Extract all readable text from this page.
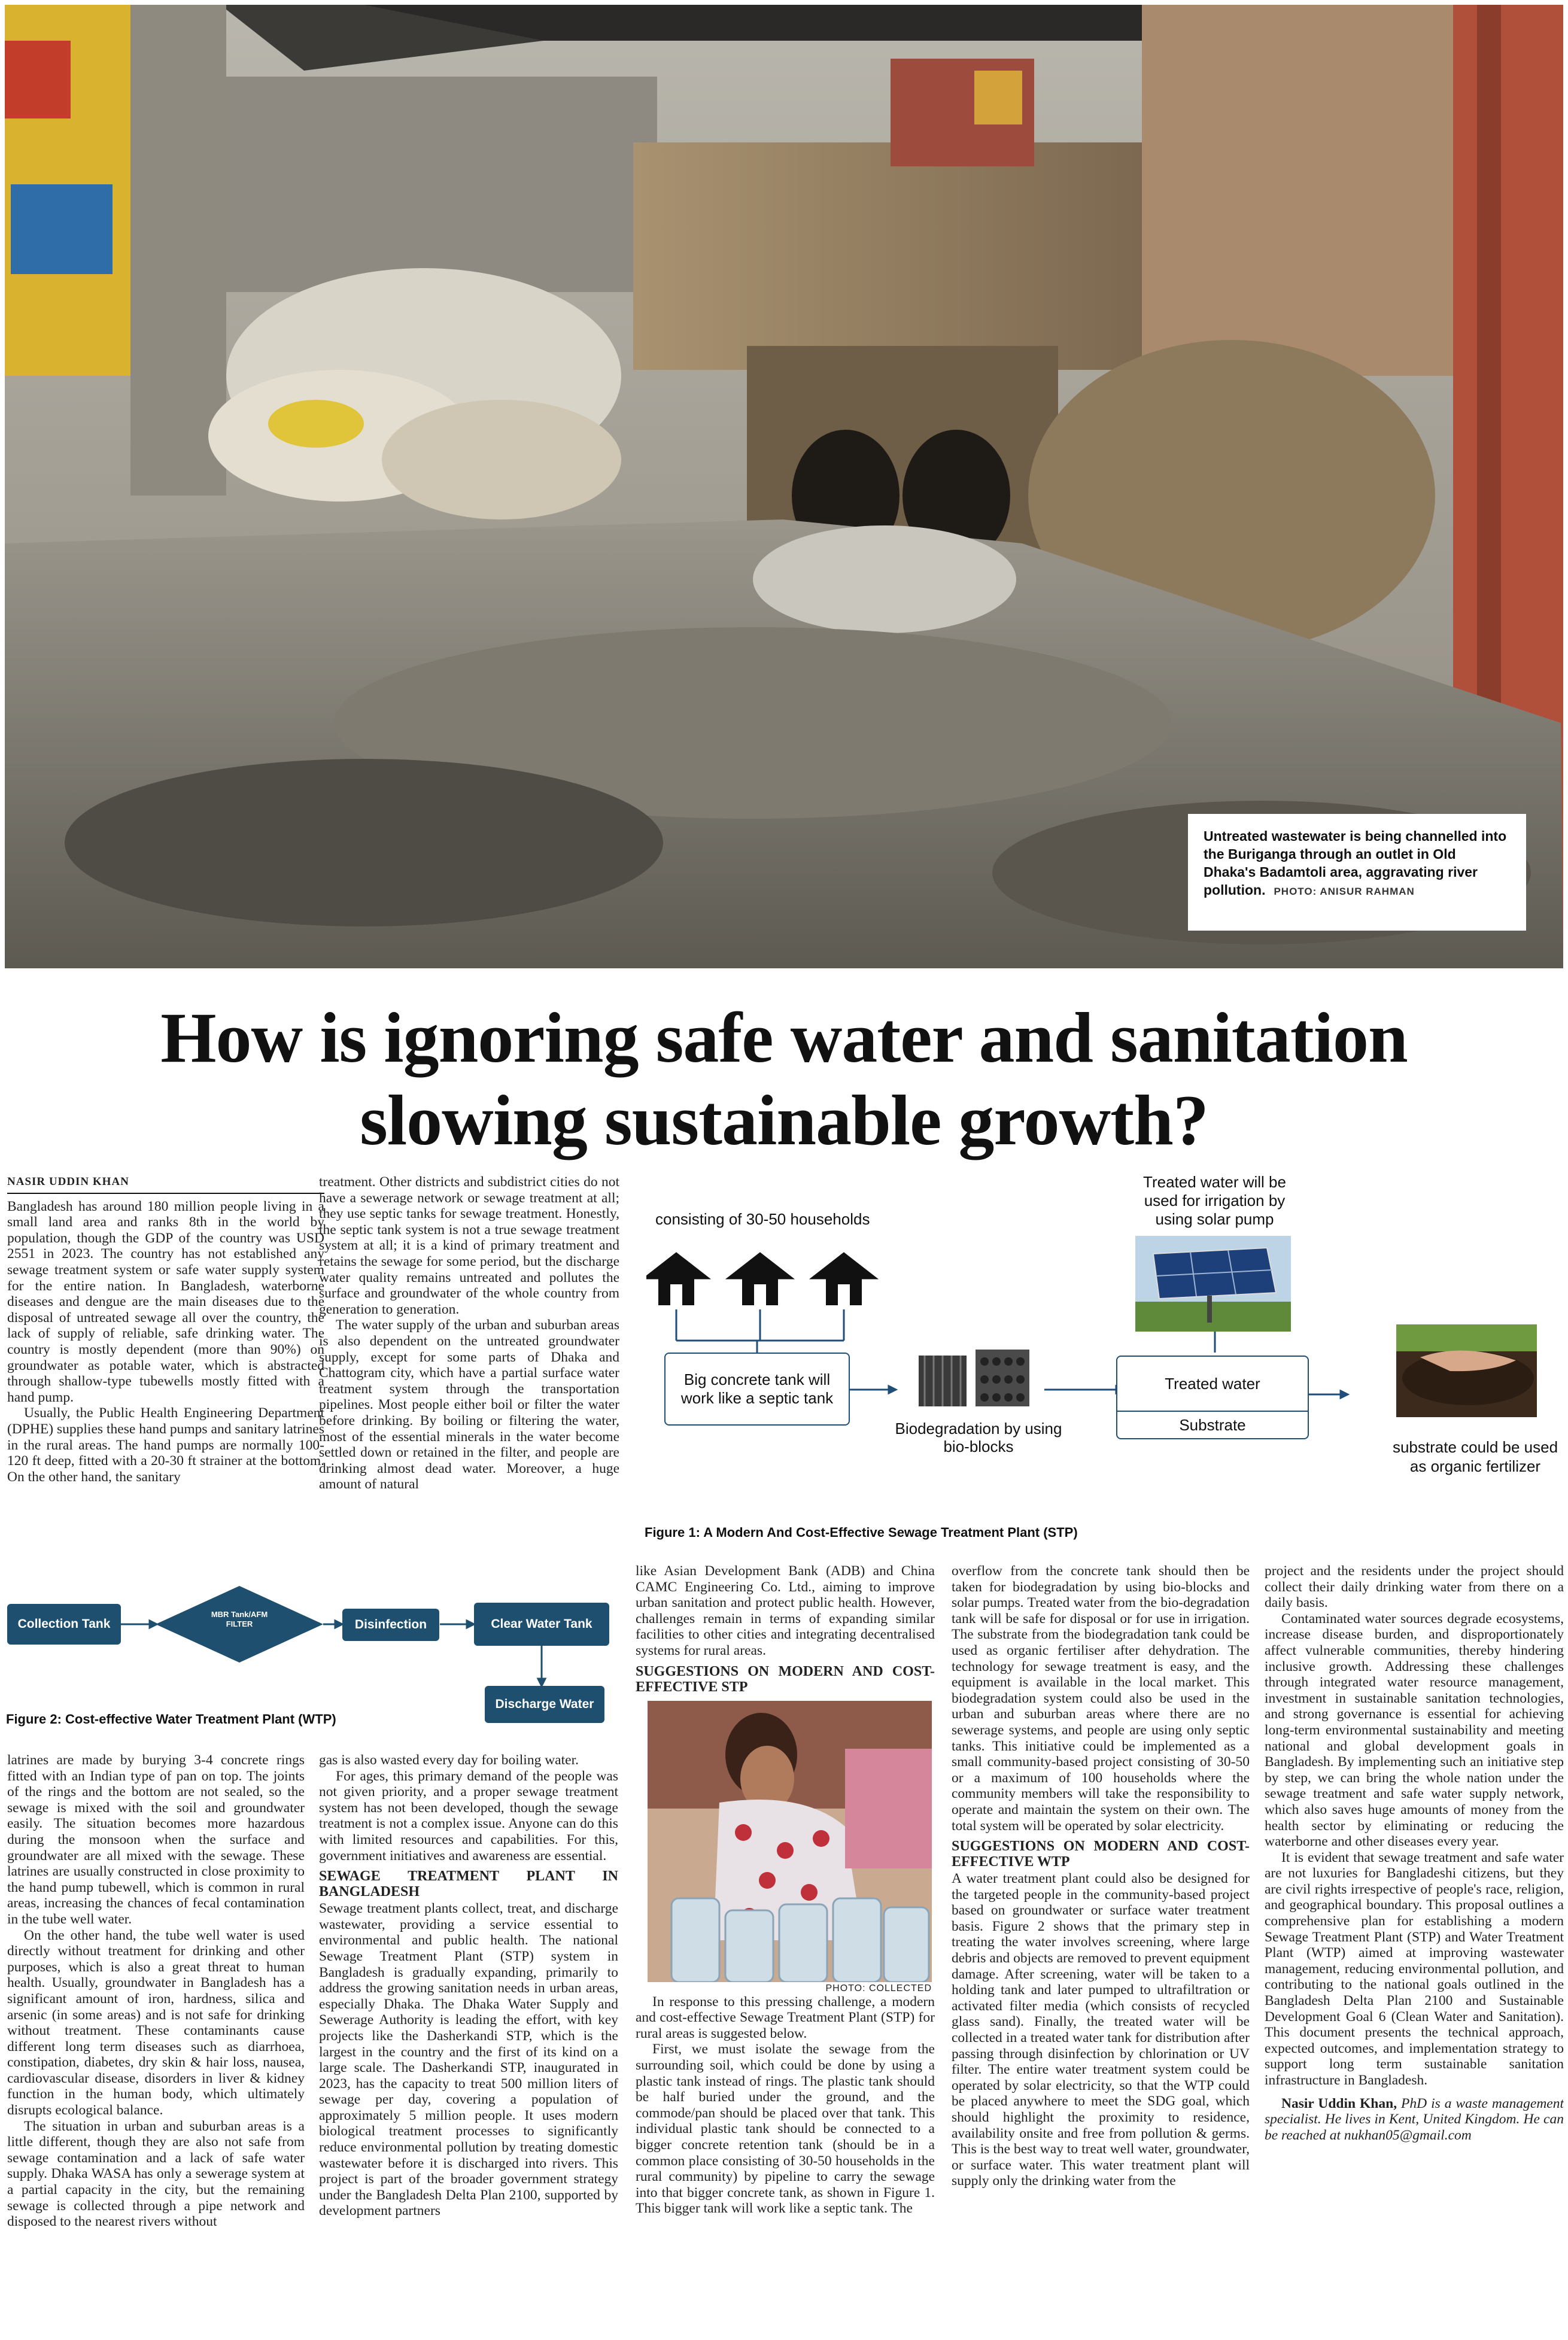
Untreated wastewater is being channelled into the Buriganga through an outlet in Old Dhaka's Badamtoli area, aggravating river pollution. PHOTO: ANISUR RAHMAN
How is ignoring safe water and sanitation
slowing sustainable growth?
NASIR UDDIN KHAN

Bangladesh has around 180 million people living in a small land area and ranks 8th in the world by population, though the GDP of the country was USD 2551 in 2023. The country has not established any sewage treatment system or safe water supply system for the entire nation. In Bangladesh, waterborne diseases and dengue are the main diseases due to the disposal of untreated sewage all over the country, the lack of supply of reliable, safe drinking water. The country is mostly dependent (more than 90%) on groundwater as potable water, which is abstracted through shallow-type tubewells mostly fitted with a hand pump.

Usually, the Public Health Engineering Department (DPHE) supplies these hand pumps and sanitary latrines in the rural areas. The hand pumps are normally 100-120 ft deep, fitted with a 20-30 ft strainer at the bottom. On the other hand, the sanitary

treatment. Other districts and subdistrict cities do not have a sewerage network or sewage treatment at all; they use septic tanks for sewage treatment. Honestly, the septic tank system is not a true sewage treatment system at all; it is a kind of primary treatment and retains the sewage for some period, but the discharge water quality remains untreated and pollutes the surface and groundwater of the whole country from generation to generation.

The water supply of the urban and suburban areas is also dependent on the untreated groundwater supply, except for some parts of Dhaka and Chattogram city, which have a partial surface water treatment system through the transportation pipelines. Most people either boil or filter the water before drinking. By boiling or filtering the water, most of the essential minerals in the water become settled down or retained in the filter, and people are drinking almost dead water. Moreover, a huge amount of natural

consisting of 30-50 households
Big concrete tank will work like a septic tank
Biodegradation by using bio-blocks
Treated water
Substrate
Treated water will be used for irrigation by using solar pump
substrate could be used as organic fertilizer
Figure 1: A Modern And Cost-Effective Sewage Treatment Plant (STP)
Collection Tank
MBR Tank/AFM FILTER	Disinfection	Clear Water Tank
Discharge Water
Figure 2: Cost-effective Water Treatment Plant (WTP)

latrines are made by burying 3-4 concrete rings fitted with an Indian type of pan on top. The joints of the rings and the bottom are not sealed, so the sewage is mixed with the soil and groundwater easily. The situation becomes more hazardous during the monsoon when the surface and groundwater are all mixed with the sewage. These latrines are usually constructed in close proximity to the hand pump tubewell, which is common in rural areas, increasing the chances of fecal contamination in the tube well water.

On the other hand, the tube well water is used directly without treatment for drinking and other purposes, which is also a great threat to human health. Usually, groundwater in Bangladesh has a significant amount of iron, hardness, silica and arsenic (in some areas) and is not safe for drinking without treatment. These contaminants cause different long term diseases such as diarrhoea, constipation, diabetes, dry skin & hair loss, nausea, cardiovascular disease, disorders in liver & kidney function in the human body, which ultimately disrupts ecological balance.

The situation in urban and suburban areas is a little different, though they are also not safe from sewage contamination and a lack of safe water supply. Dhaka WASA has only a sewerage system at a partial capacity in the city, but the remaining sewage is collected through a pipe network and disposed to the nearest rivers without

gas is also wasted every day for boiling water.

For ages, this primary demand of the people was not given priority, and a proper sewage treatment system has not been developed, though the sewage treatment is not a complex issue. Anyone can do this with limited resources and capabilities. For this, government initiatives and awareness are essential.

SEWAGE TREATMENT PLANT IN BANGLADESH

Sewage treatment plants collect, treat, and discharge wastewater, providing a service essential to environmental and public health. The national Sewage Treatment Plant (STP) system in Bangladesh is gradually expanding, primarily to address the growing sanitation needs in urban areas, especially Dhaka. The Dhaka Water Supply and Sewerage Authority is leading the effort, with key projects like the Dasherkandi STP, which is the largest in the country and the first of its kind on a large scale. The Dasherkandi STP, inaugurated in 2023, has the capacity to treat 500 million liters of sewage per day, covering a population of approximately 5 million people. It uses modern biological treatment processes to significantly reduce environmental pollution by treating domestic wastewater before it is discharged into rivers. This project is part of the broader government strategy under the Bangladesh Delta Plan 2100, supported by development partners

like Asian Development Bank (ADB) and China CAMC Engineering Co. Ltd., aiming to improve urban sanitation and protect public health. However, challenges remain in terms of expanding similar facilities to other cities and integrating decentralised systems for rural areas.

SUGGESTIONS ON MODERN AND COST-EFFECTIVE STP
PHOTO: COLLECTED

In response to this pressing challenge, a modern and cost-effective Sewage Treatment Plant (STP) for rural areas is suggested below.

First, we must isolate the sewage from the surrounding soil, which could be done by using a plastic tank instead of rings. The plastic tank should be half buried under the ground, and the commode/pan should be placed over that tank. This individual plastic tank should be connected to a bigger concrete retention tank (should be in a common place consisting of 30-50 households in the rural community) by pipeline to carry the sewage into that bigger concrete tank, as shown in Figure 1. This bigger tank will work like a septic tank. The

overflow from the concrete tank should then be taken for biodegradation by using bio-blocks and solar pumps. Treated water from the bio-degradation tank will be safe for disposal or for use in irrigation. The substrate from the biodegradation tank could be used as organic fertiliser after dehydration. The technology for sewage treatment is easy, and the equipment is available in the local market. This biodegradation system could also be used in the urban and suburban areas where there are no sewerage systems, and people are using only septic tanks. This initiative could be implemented as a small community-based project consisting of 30-50 or a maximum of 100 households where the community members will take the responsibility to operate and maintain the system on their own. The total system will be operated by solar electricity.

SUGGESTIONS ON MODERN AND COST-EFFECTIVE WTP

A water treatment plant could also be designed for the targeted people in the community-based project based on groundwater or surface water treatment basis. Figure 2 shows that the primary step in treating the water involves screening, where large debris and objects are removed to prevent equipment damage. After screening, water will be taken to a holding tank and later pumped to ultrafiltration or activated filter media (which consists of recycled glass sand). Finally, the treated water will be collected in a treated water tank for distribution after passing through disinfection by chlorination or UV filter. The entire water treatment system could be operated by solar electricity, so that the WTP could be placed anywhere to meet the SDG goal, which should highlight the proximity to residence, availability onsite and free from pollution & germs. This is the best way to treat well water, groundwater, or surface water. This water treatment plant will supply only the drinking water from the

project and the residents under the project should collect their daily drinking water from there on a daily basis.

Contaminated water sources degrade ecosystems, increase disease burden, and disproportionately affect vulnerable communities, thereby hindering inclusive growth. Addressing these challenges through integrated water resource management, investment in sustainable sanitation technologies, and strong governance is essential for achieving long-term environmental sustainability and meeting national and global development goals in Bangladesh. By implementing such an initiative step by step, we can bring the whole nation under the sewage treatment and safe water supply network, which also saves huge amounts of money from the health sector by eliminating or reducing the waterborne and other diseases every year.

It is evident that sewage treatment and safe water are not luxuries for Bangladeshi citizens, but they are civil rights irrespective of people's race, religion, and geographical boundary. This proposal outlines a comprehensive plan for establishing a modern Sewage Treatment Plant (STP) and Water Treatment Plant (WTP) aimed at improving wastewater management, reducing environmental pollution, and contributing to the national goals outlined in the Bangladesh Delta Plan 2100 and Sustainable Development Goal 6 (Clean Water and Sanitation). This document presents the technical approach, expected outcomes, and implementation strategy to support long term sustainable sanitation infrastructure in Bangladesh.

Nasir Uddin Khan, PhD is a waste management specialist. He lives in Kent, United Kingdom. He can be reached at nukhan05@gmail.com
